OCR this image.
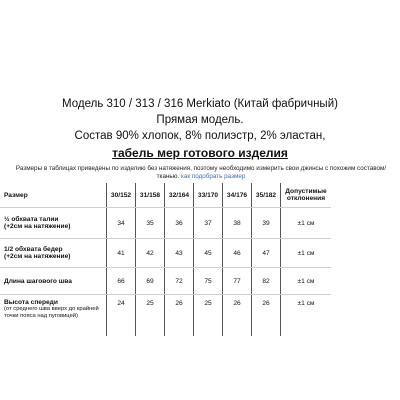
Модель 310 / 313 / 316 Merkiato (Китай фабричный)
Прямая модель.
Состав 90% хлопок, 8% полиэстр, 2% эластан,
табель мер готового изделия
Размеры в таблицах приведены по изделию без натяжения, поэтому необходимо измерить свои джинсы с похожим составом/тканью. как подобрать размер
Размер		30/152		31/158		32/164		33/170		34/176		35/182		Допустимые отклонения

½ обхвата талии
(+2см на натяжение)		34		35		36		37		38		39		±1 см

1/2 обхвата бедер
(+2см на натяжение)		41		42		43		45		46		47		±1 см

Длина шагового шва		66		69		72		75		77		82		±1 см

Высота спереди
(от среднего шва вверх до крайней точки пояса над пуговицей)		24		25		26		25		26		26		±1 см
